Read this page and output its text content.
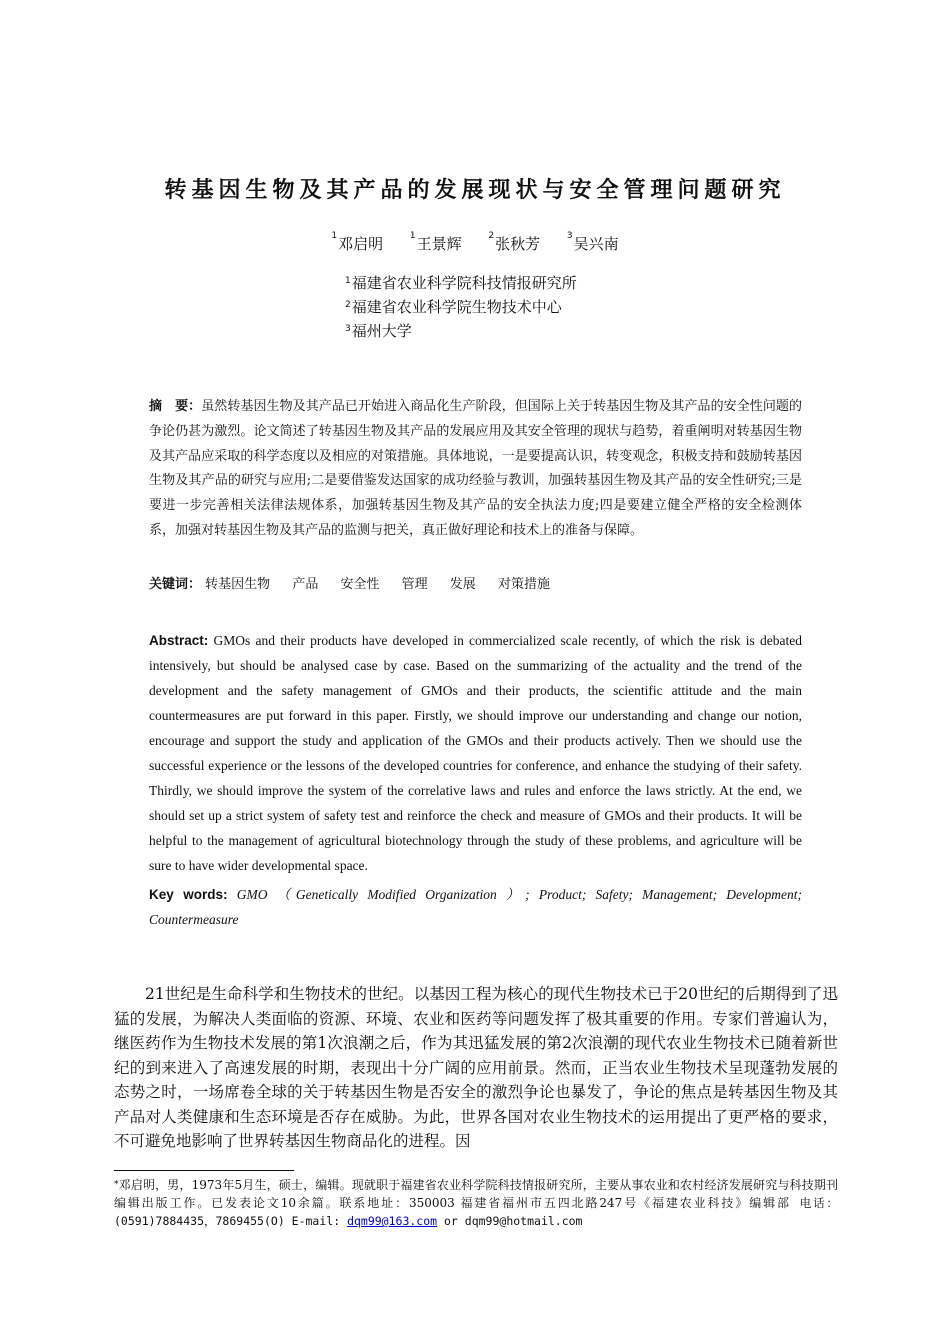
转基因生物及其产品的发展现状与安全管理问题研究
$^1$邓启明	$^1$王景辉	$^2$张秋芳	$^3$吴兴南
$^1$福建省农业科学院科技情报研究所
$^2$福建省农业科学院生物技术中心
$^3$福州大学
摘　要：虽然转基因生物及其产品已开始进入商品化生产阶段，但国际上关于转基因生物及其产品的安全性问题的争论仍甚为激烈。论文简述了转基因生物及其产品的发展应用及其安全管理的现状与趋势，着重阐明对转基因生物及其产品应采取的科学态度以及相应的对策措施。具体地说，一是要提高认识，转变观念，积极支持和鼓励转基因生物及其产品的研究与应用;二是要借鉴发达国家的成功经验与教训，加强转基因生物及其产品的安全性研究;三是要进一步完善相关法律法规体系，加强转基因生物及其产品的安全执法力度;四是要建立健全严格的安全检测体系，加强对转基因生物及其产品的监测与把关，真正做好理论和技术上的准备与保障。
关键词： 转基因生物 产品 安全性 管理 发展 对策措施
Abstract: GMOs and their products have developed in commercialized scale recently, of which the risk is debated intensively, but should be analysed case by case. Based on the summarizing of the actuality and the trend of the development and the safety management of GMOs and their products, the scientific attitude and the main countermeasures are put forward in this paper. Firstly, we should improve our understanding and change our notion, encourage and support the study and application of the GMOs and their products actively. Then we should use the successful experience or the lessons of the developed countries for conference, and enhance the studying of their safety. Thirdly, we should improve the system of the correlative laws and rules and enforce the laws strictly. At the end, we should set up a strict system of safety test and reinforce the check and measure of GMOs and their products. It will be helpful to the management of agricultural biotechnology through the study of these problems, and agriculture will be sure to have wider developmental space.
Key words: GMO （Genetically Modified Organization ）; Product; Safety; Management; Development; Countermeasure

21世纪是生命科学和生物技术的世纪。以基因工程为核心的现代生物技术已于20世纪的后期得到了迅猛的发展，为解决人类面临的资源、环境、农业和医药等问题发挥了极其重要的作用。专家们普遍认为，继医药作为生物技术发展的第1次浪潮之后，作为其迅猛发展的第2次浪潮的现代农业生物技术已随着新世纪的到来进入了高速发展的时期，表现出十分广阔的应用前景。然而，正当农业生物技术呈现蓬勃发展的态势之时，一场席卷全球的关于转基因生物是否安全的激烈争论也暴发了，争论的焦点是转基因生物及其产品对人类健康和生态环境是否存在威胁。为此，世界各国对农业生物技术的运用提出了更严格的要求，不可避免地影响了世界转基因生物商品化的进程。因

*邓启明，男，1973年5月生，硕士，编辑。现就职于福建省农业科学院科技情报研究所，主要从事农业和农村经济发展研究与科技期刊编辑出版工作。已发表论文10余篇。联系地址：350003 福建省福州市五四北路247号《福建农业科技》编辑部 电话：(0591)7884435，7869455(O) E-mail: dqm99@163.com or dqm99@hotmail.com
